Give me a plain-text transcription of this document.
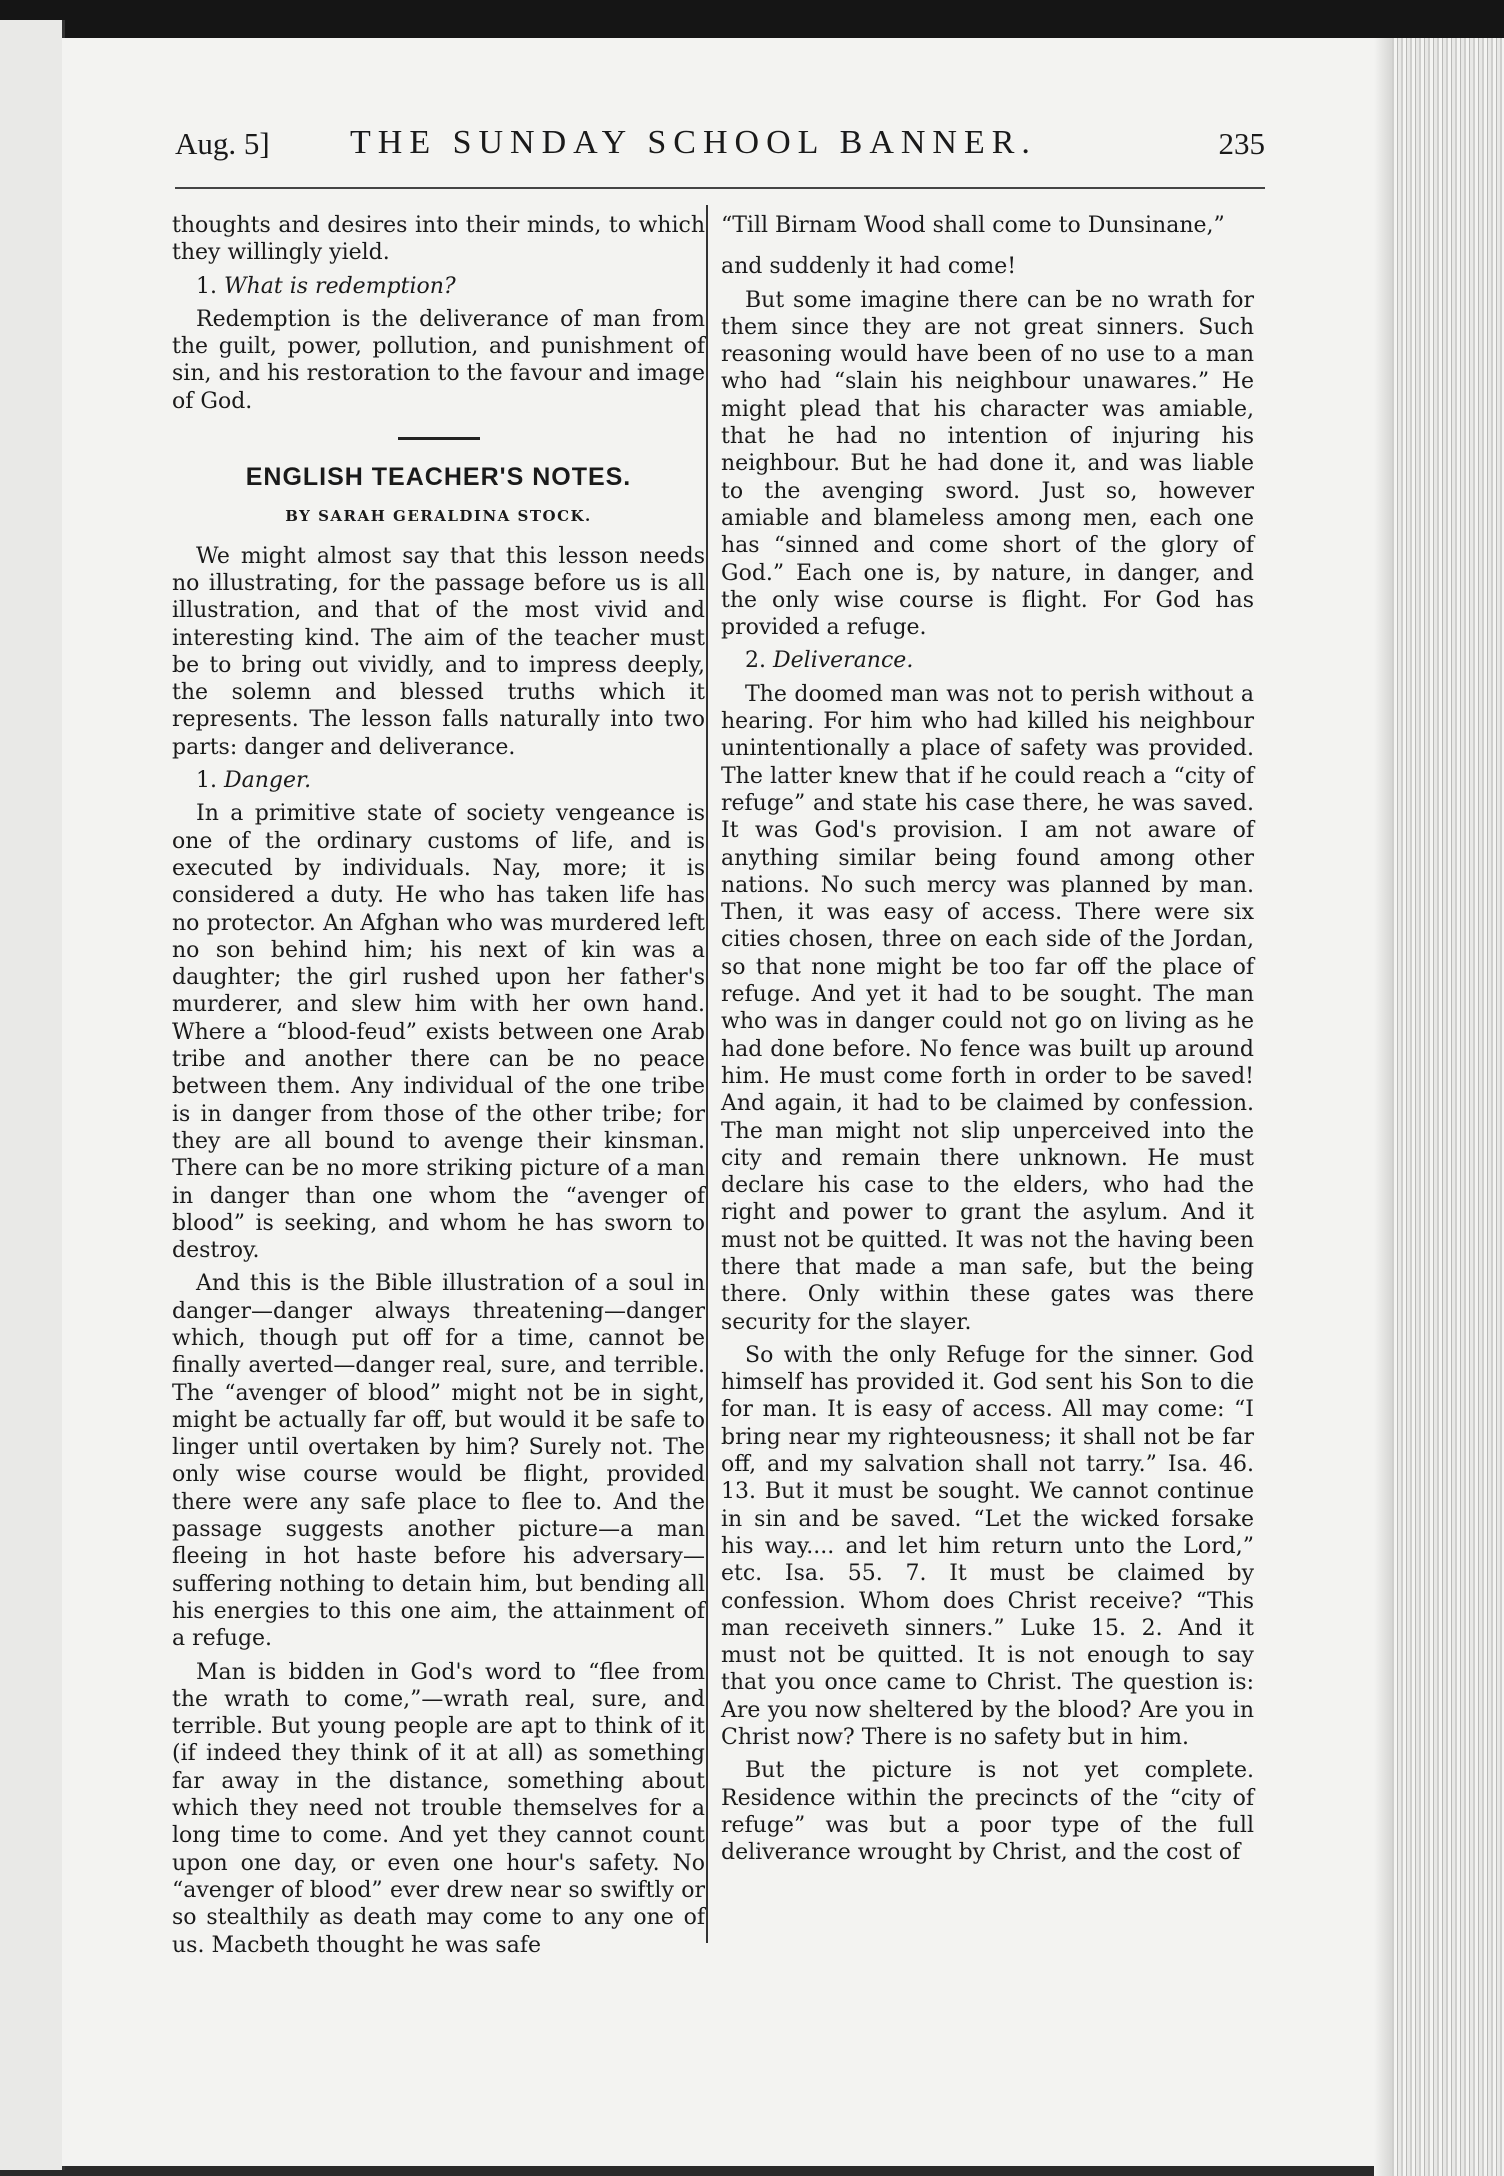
Aug. 5] THE SUNDAY SCHOOL BANNER.	235

thoughts and desires into their minds, to which they willingly yield.

1. What is redemption?

Redemption is the deliverance of man from the guilt, power, pollution, and punishment of sin, and his restoration to the favour and image of God.

ENGLISH TEACHER'S NOTES.
BY SARAH GERALDINA STOCK.

We might almost say that this lesson needs no illustrating, for the passage before us is all illustration, and that of the most vivid and interesting kind. The aim of the teacher must be to bring out vividly, and to impress deeply, the solemn and blessed truths which it represents. The lesson falls naturally into two parts: danger and deliverance.

1. Danger.

In a primitive state of society vengeance is one of the ordinary customs of life, and is executed by individuals. Nay, more; it is considered a duty. He who has taken life has no protector. An Afghan who was murdered left no son behind him; his next of kin was a daughter; the girl rushed upon her father's murderer, and slew him with her own hand. Where a “blood-feud” exists between one Arab tribe and another there can be no peace between them. Any individual of the one tribe is in danger from those of the other tribe; for they are all bound to avenge their kinsman. There can be no more striking picture of a man in danger than one whom the “avenger of blood” is seeking, and whom he has sworn to destroy.

And this is the Bible illustration of a soul in danger—danger always threatening—danger which, though put off for a time, cannot be finally averted—danger real, sure, and terrible. The “avenger of blood” might not be in sight, might be actually far off, but would it be safe to linger until overtaken by him? Surely not. The only wise course would be flight, provided there were any safe place to flee to. And the passage suggests another picture—a man fleeing in hot haste before his adversary—suffering nothing to detain him, but bending all his energies to this one aim, the attainment of a refuge.

Man is bidden in God's word to “flee from the wrath to come,”—wrath real, sure, and terrible. But young people are apt to think of it (if indeed they think of it at all) as something far away in the distance, something about which they need not trouble themselves for a long time to come. And yet they cannot count upon one day, or even one hour's safety. No “avenger of blood” ever drew near so swiftly or so stealthily as death may come to any one of us. Macbeth thought he was safe

“Till Birnam Wood shall come to Dunsinane,”

and suddenly it had come!

But some imagine there can be no wrath for them since they are not great sinners. Such reasoning would have been of no use to a man who had “slain his neighbour unawares.” He might plead that his character was amiable, that he had no intention of injuring his neighbour. But he had done it, and was liable to the avenging sword. Just so, however amiable and blameless among men, each one has “sinned and come short of the glory of God.” Each one is, by nature, in danger, and the only wise course is flight. For God has provided a refuge.

2. Deliverance.

The doomed man was not to perish without a hearing. For him who had killed his neighbour unintentionally a place of safety was provided. The latter knew that if he could reach a “city of refuge” and state his case there, he was saved. It was God's provision. I am not aware of anything similar being found among other nations. No such mercy was planned by man. Then, it was easy of access. There were six cities chosen, three on each side of the Jordan, so that none might be too far off the place of refuge. And yet it had to be sought. The man who was in danger could not go on living as he had done before. No fence was built up around him. He must come forth in order to be saved! And again, it had to be claimed by confession. The man might not slip unperceived into the city and remain there unknown. He must declare his case to the elders, who had the right and power to grant the asylum. And it must not be quitted. It was not the having been there that made a man safe, but the being there. Only within these gates was there security for the slayer.

So with the only Refuge for the sinner. God himself has provided it. God sent his Son to die for man. It is easy of access. All may come: “I bring near my righteousness; it shall not be far off, and my salvation shall not tarry.” Isa. 46. 13. But it must be sought. We cannot continue in sin and be saved. “Let the wicked forsake his way.... and let him return unto the Lord,” etc. Isa. 55. 7. It must be claimed by confession. Whom does Christ receive? “This man receiveth sinners.” Luke 15. 2. And it must not be quitted. It is not enough to say that you once came to Christ. The question is: Are you now sheltered by the blood? Are you in Christ now? There is no safety but in him.

But the picture is not yet complete. Residence within the precincts of the “city of refuge” was but a poor type of the full deliverance wrought by Christ, and the cost of
